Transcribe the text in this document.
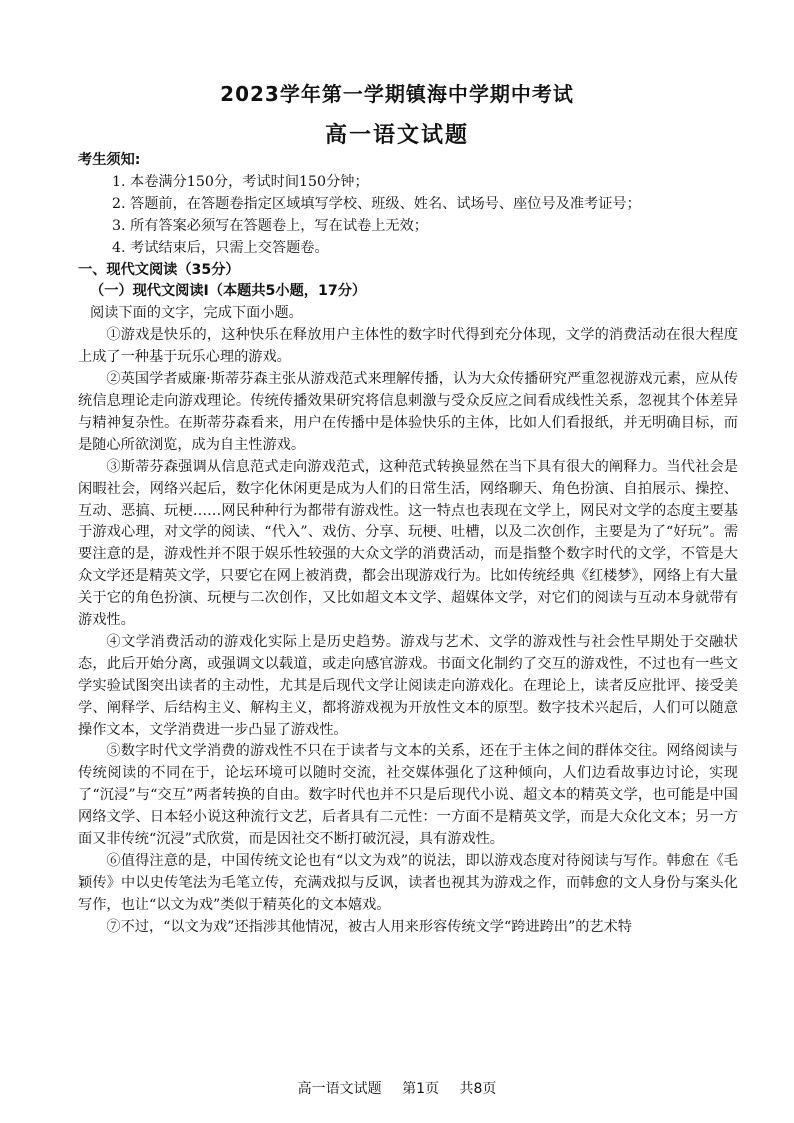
2023学年第一学期镇海中学期中考试
高一语文试题

考生须知:

1. 本卷满分150分，考试时间150分钟；

2. 答题前，在答题卷指定区域填写学校、班级、姓名、试场号、座位号及准考证号；

3. 所有答案必须写在答题卷上，写在试卷上无效；

4. 考试结束后，只需上交答题卷。

一、现代文阅读（35分）

（一）现代文阅读Ⅰ（本题共5小题，17分）

阅读下面的文字，完成下面小题。

①游戏是快乐的，这种快乐在释放用户主体性的数字时代得到充分体现，文学的消费活动在很大程度上成了一种基于玩乐心理的游戏。

②英国学者威廉·斯蒂芬森主张从游戏范式来理解传播，认为大众传播研究严重忽视游戏元素，应从传统信息理论走向游戏理论。传统传播效果研究将信息刺激与受众反应之间看成线性关系，忽视其个体差异与精神复杂性。在斯蒂芬森看来，用户在传播中是体验快乐的主体，比如人们看报纸，并无明确目标，而是随心所欲浏览，成为自主性游戏。

③斯蒂芬森强调从信息范式走向游戏范式，这种范式转换显然在当下具有很大的阐释力。当代社会是闲暇社会，网络兴起后，数字化休闲更是成为人们的日常生活，网络聊天、角色扮演、自拍展示、操控、互动、恶搞、玩梗……网民种种行为都带有游戏性。这一特点也表现在文学上，网民对文学的态度主要基于游戏心理，对文学的阅读、“代入”、戏仿、分享、玩梗、吐槽，以及二次创作，主要是为了“好玩”。需要注意的是，游戏性并不限于娱乐性较强的大众文学的消费活动，而是指整个数字时代的文学，不管是大众文学还是精英文学，只要它在网上被消费，都会出现游戏行为。比如传统经典《红楼梦》，网络上有大量关于它的角色扮演、玩梗与二次创作，又比如超文本文学、超媒体文学，对它们的阅读与互动本身就带有游戏性。

④文学消费活动的游戏化实际上是历史趋势。游戏与艺术、文学的游戏性与社会性早期处于交融状态，此后开始分离，或强调文以载道，或走向感官游戏。书面文化制约了交互的游戏性，不过也有一些文学实验试图突出读者的主动性，尤其是后现代文学让阅读走向游戏化。在理论上，读者反应批评、接受美学、阐释学、后结构主义、解构主义，都将游戏视为开放性文本的原型。数字技术兴起后，人们可以随意操作文本，文学消费进一步凸显了游戏性。

⑤数字时代文学消费的游戏性不只在于读者与文本的关系，还在于主体之间的群体交往。网络阅读与传统阅读的不同在于，论坛环境可以随时交流，社交媒体强化了这种倾向，人们边看故事边讨论，实现了“沉浸”与“交互”两者转换的自由。数字时代也并不只是后现代小说、超文本的精英文学，也可能是中国网络文学、日本轻小说这种流行文艺，后者具有二元性：一方面不是精英文学，而是大众化文本；另一方面又非传统“沉浸”式欣赏，而是因社交不断打破沉浸，具有游戏性。

⑥值得注意的是，中国传统文论也有“以文为戏”的说法，即以游戏态度对待阅读与写作。韩愈在《毛颖传》中以史传笔法为毛笔立传，充满戏拟与反讽，读者也视其为游戏之作，而韩愈的文人身份与案头化写作，也让“以文为戏”类似于精英化的文本嬉戏。

⑦不过，“以文为戏”还指涉其他情况，被古人用来形容传统文学“跨进跨出”的艺术特

高一语文试题 第1页 共8页
